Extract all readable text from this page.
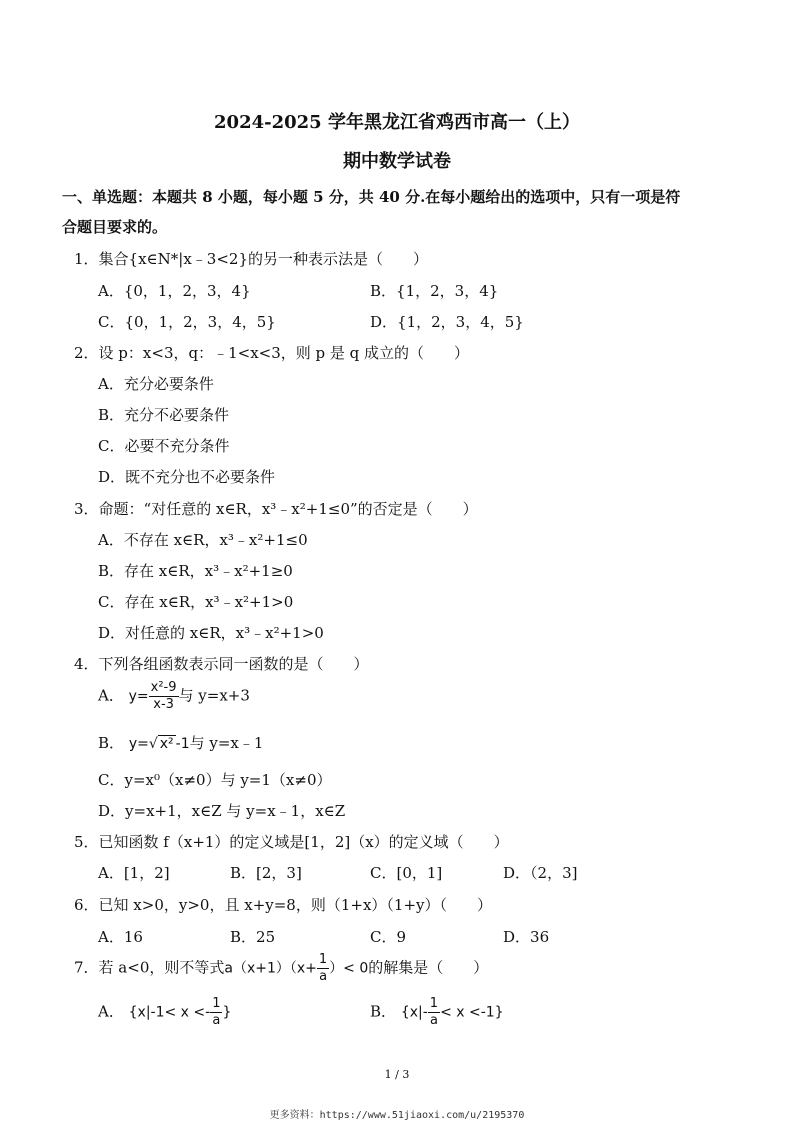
2024-2025 学年黑龙江省鸡西市高一（上）
期中数学试卷
一、单选题：本题共 8 小题，每小题 5 分，共 40 分.在每小题给出的选项中，只有一项是符
合题目要求的。
1．集合{x∈N*|x﹣3<2}的另一种表示法是（　　）
A．{0，1，2，3，4}	B．{1，2，3，4}
C．{0，1，2，3，4，5}	D．{1，2，3，4，5}
2．设 p：x<3，q：﹣1<x<3，则 p 是 q 成立的（　　）
A．充分必要条件
B．充分不必要条件
C．必要不充分条件
D．既不充分也不必要条件
3．命题：“对任意的 x∈R，x³﹣x²+1≤0”的否定是（　　）
A．不存在 x∈R，x³﹣x²+1≤0
B．存在 x∈R，x³﹣x²+1≥0
C．存在 x∈R，x³﹣x²+1>0
D．对任意的 x∈R，x³﹣x²+1>0
4．下列各组函数表示同一函数的是（　　）
A． $y= \frac{\text{x²-9}}{x-3}$ 与 y=x+3
B． y=√ x² -1与 y=x﹣1
C．y=x⁰（x≠0）与 y=1（x≠0）
D．y=x+1，x∈Z 与 y=x﹣1，x∈Z
5．已知函数 f（x+1）的定义域是[1，2]（x）的定义域（　　）
A．[1，2]	B．[2，3]	C．[0，1]	D．（2，3]
6．已知 x>0，y>0，且 x+y=8，则（1+x）（1+y）（　　）
A．16	B．25	C．9	D．36
7．若 a<0，则不等式$a(x+1)(x+ \frac{1}{a}$ ）< 0的解集是（　　）
A． {$x|-1< x <- \frac{1}{a}$ }	B． $\{x|- \frac{1}{a} < x <-1\}$
1 / 3
更多资料：https://www.51jiaoxi.com/u/2195370
